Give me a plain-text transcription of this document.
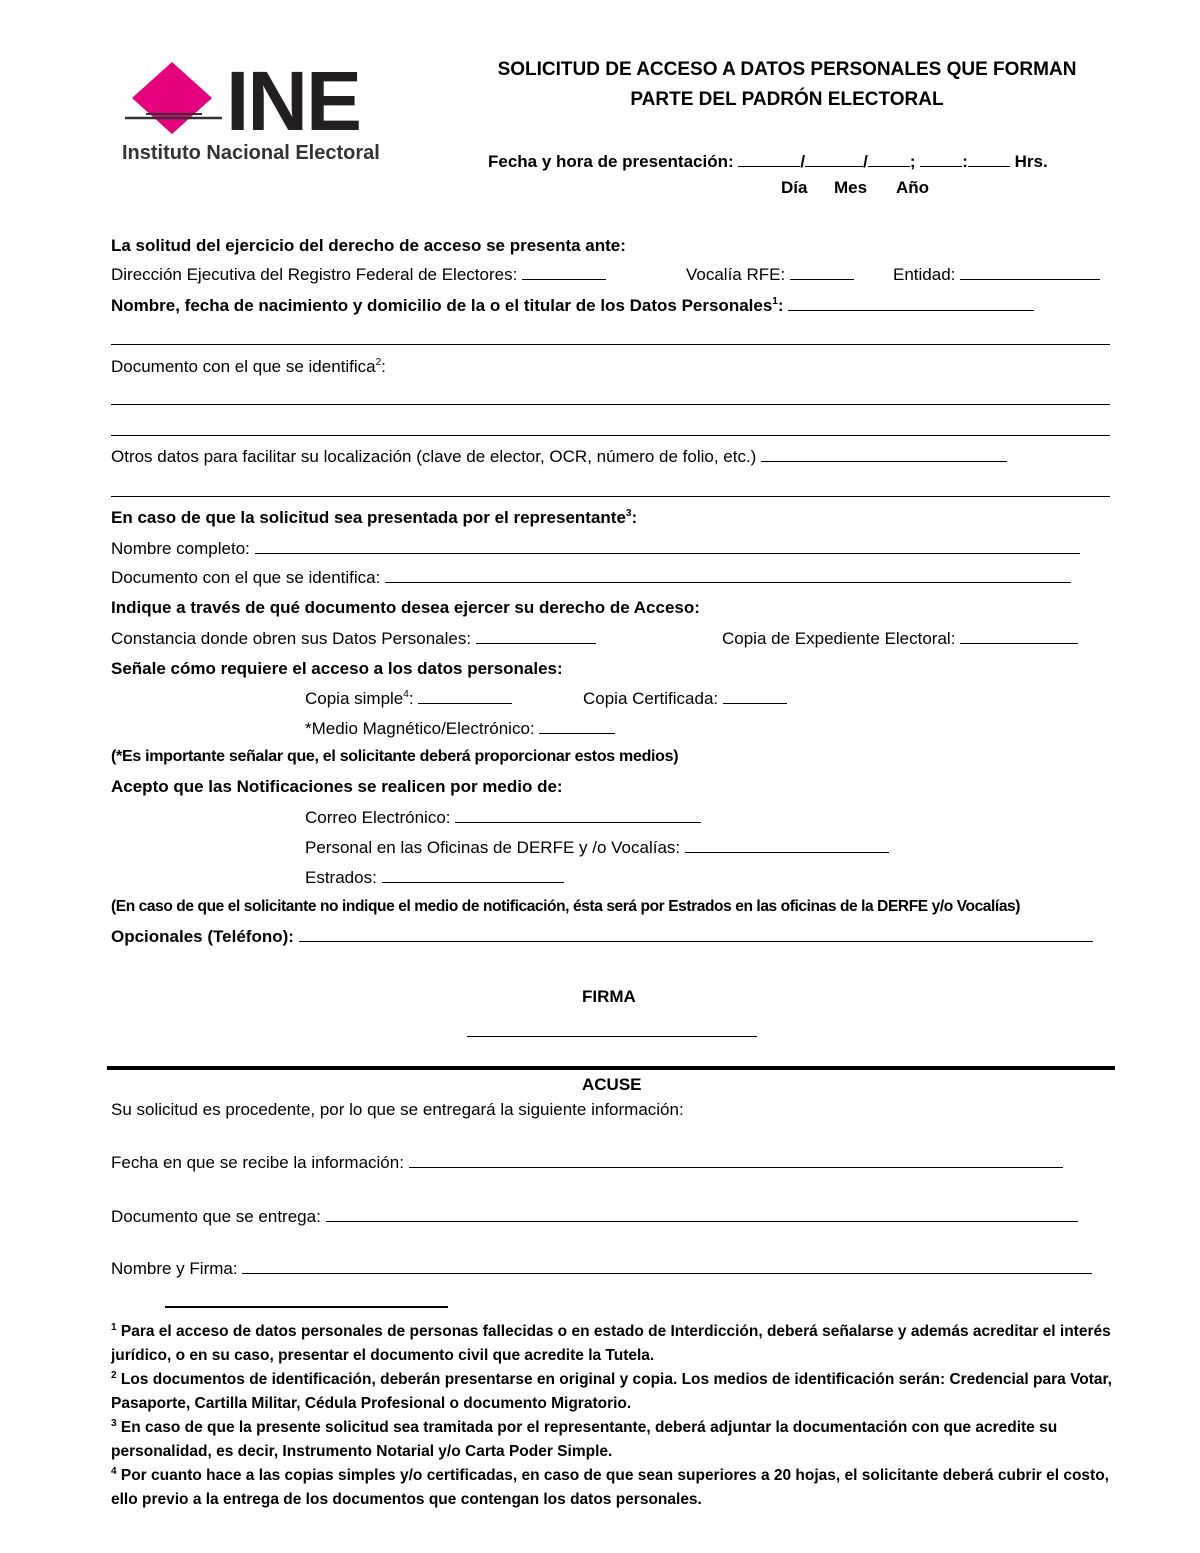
INE
Instituto Nacional Electoral
SOLICITUD DE ACCESO A DATOS PERSONALES QUE FORMAN
PARTE DEL PADRÓN ELECTORAL
Fecha y hora de presentación:	/	/ ; :	Hrs.
Día Mes Año
La solitud del ejercicio del derecho de acceso se presenta ante:
Dirección Ejecutiva del Registro Federal de Electores:	Vocalía RFE:	Entidad:
Nombre, fecha de nacimiento y domicilio de la o el titular de los Datos Personales$^1$:
Documento con el que se identifica$^2$:
Otros datos para facilitar su localización (clave de elector, OCR, número de folio, etc.)
En caso de que la solicitud sea presentada por el representante$^3$:
Nombre completo:
Documento con el que se identifica:
Indique a través de qué documento desea ejercer su derecho de Acceso:
Constancia donde obren sus Datos Personales:	Copia de Expediente Electoral:
Señale cómo requiere el acceso a los datos personales:
Copia simple$^4$:	Copia Certificada:
*Medio Magnético/Electrónico:
(*Es importante señalar que, el solicitante deberá proporcionar estos medios)
Acepto que las Notificaciones se realicen por medio de:
Correo Electrónico:
Personal en las Oficinas de DERFE y /o Vocalías:
Estrados:
(En caso de que el solicitante no indique el medio de notificación, ésta será por Estrados en las oficinas de la DERFE y/o Vocalías)
Opcionales (Teléfono):
FIRMA
ACUSE
Su solicitud es procedente, por lo que se entregará la siguiente información:
Fecha en que se recibe la información:
Documento que se entrega:
Nombre y Firma:
$^1$ Para el acceso de datos personales de personas fallecidas o en estado de Interdicción, deberá señalarse y además acreditar el interés jurídico, o en su caso, presentar el documento civil que acredite la Tutela.
$^2$ Los documentos de identificación, deberán presentarse en original y copia. Los medios de identificación serán: Credencial para Votar, Pasaporte, Cartilla Militar, Cédula Profesional o documento Migratorio.
$^3$ En caso de que la presente solicitud sea tramitada por el representante, deberá adjuntar la documentación con que acredite su personalidad, es decir, Instrumento Notarial y/o Carta Poder Simple.
$^4$ Por cuanto hace a las copias simples y/o certificadas, en caso de que sean superiores a 20 hojas, el solicitante deberá cubrir el costo, ello previo a la entrega de los documentos que contengan los datos personales.
